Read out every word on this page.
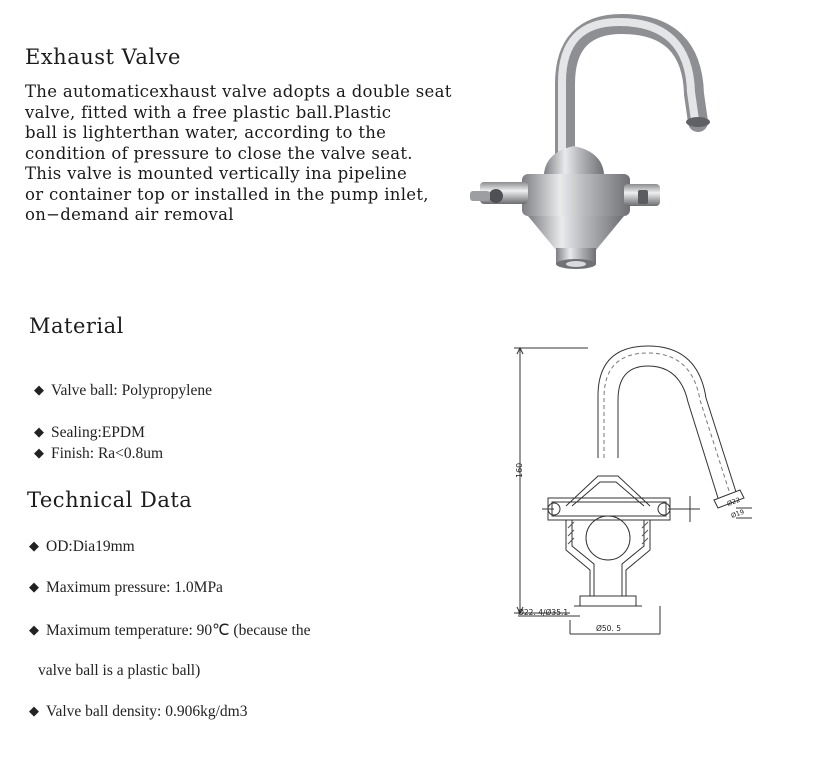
Exhaust Valve
The automaticexhaust valve adopts a double seat
valve, fitted with a free plastic ball.Plastic
ball is lighterthan water, according to the
condition of pressure to close the valve seat.
This valve is mounted vertically ina pipeline
or container top or installed in the pump inlet,
on−demand air removal
Material
◆ Valve ball: Polypropylene
◆ Sealing:EPDM
◆ Finish: Ra<0.8um
Technical Data
◆ OD:Dia19mm
◆ Maximum pressure: 1.0MPa
◆ Maximum temperature: 90℃ (because the
valve ball is a plastic ball)
◆ Valve ball density: 0.906kg/dm3
160
Ø22. 4/Ø35.1
Ø50. 5
Ø22
Ø19
